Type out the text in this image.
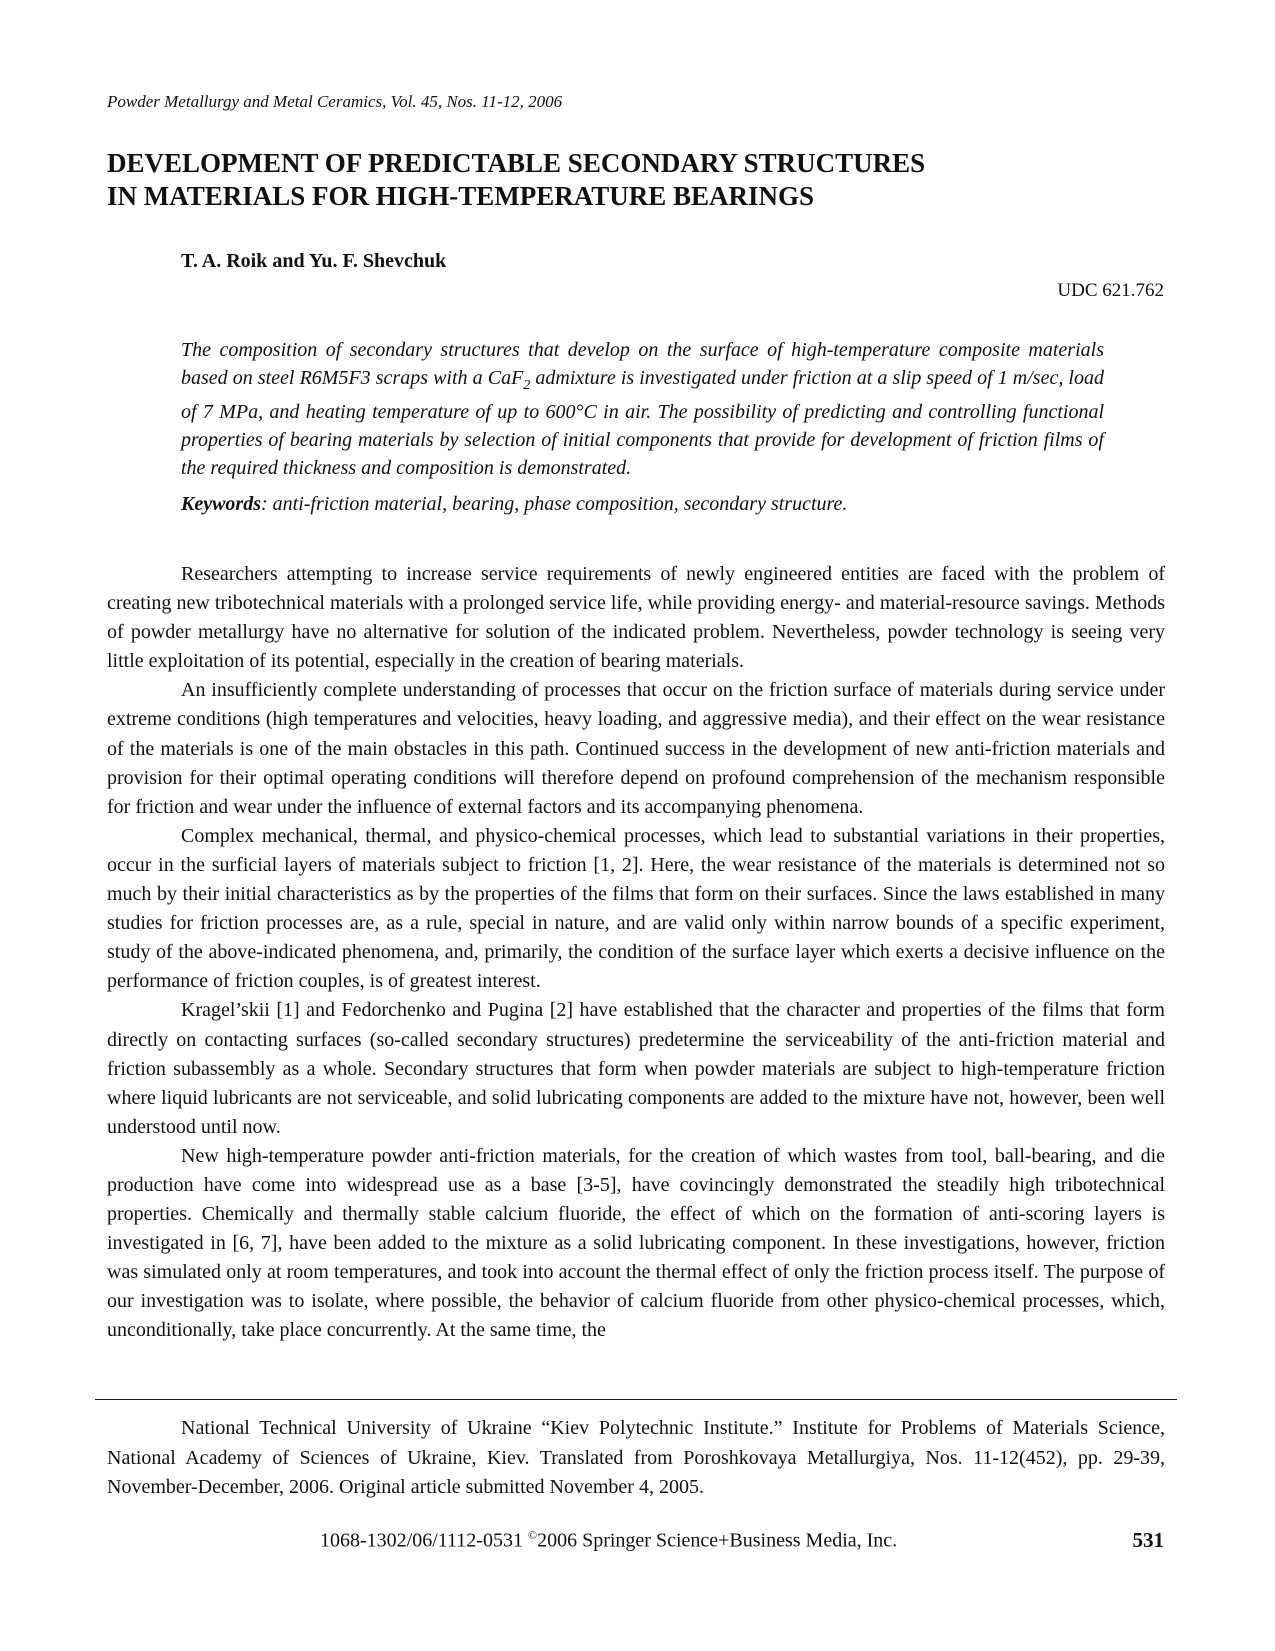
Powder Metallurgy and Metal Ceramics, Vol. 45, Nos. 11-12, 2006
DEVELOPMENT OF PREDICTABLE SECONDARY STRUCTURES
IN MATERIALS FOR HIGH-TEMPERATURE BEARINGS
T. A. Roik and Yu. F. Shevchuk
UDC 621.762

The composition of secondary structures that develop on the surface of high-temperature composite materials based on steel R6M5F3 scraps with a CaF$_2$ admixture is investigated under friction at a slip speed of 1 m/sec, load of 7 MPa, and heating temperature of up to 600°C in air. The possibility of predicting and controlling functional properties of bearing materials by selection of initial components that provide for development of friction films of the required thickness and composition is demonstrated.

Keywords: anti-friction material, bearing, phase composition, secondary structure.

Researchers attempting to increase service requirements of newly engineered entities are faced with the problem of creating new tribotechnical materials with a prolonged service life, while providing energy- and material-resource savings. Methods of powder metallurgy have no alternative for solution of the indicated problem. Nevertheless, powder technology is seeing very little exploitation of its potential, especially in the creation of bearing materials.

An insufficiently complete understanding of processes that occur on the friction surface of materials during service under extreme conditions (high temperatures and velocities, heavy loading, and aggressive media), and their effect on the wear resistance of the materials is one of the main obstacles in this path. Continued success in the development of new anti-friction materials and provision for their optimal operating conditions will therefore depend on profound comprehension of the mechanism responsible for friction and wear under the influence of external factors and its accompanying phenomena.

Complex mechanical, thermal, and physico-chemical processes, which lead to substantial variations in their properties, occur in the surficial layers of materials subject to friction [1, 2]. Here, the wear resistance of the materials is determined not so much by their initial characteristics as by the properties of the films that form on their surfaces. Since the laws established in many studies for friction processes are, as a rule, special in nature, and are valid only within narrow bounds of a specific experiment, study of the above-indicated phenomena, and, primarily, the condition of the surface layer which exerts a decisive influence on the performance of friction couples, is of greatest interest.

Kragel’skii [1] and Fedorchenko and Pugina [2] have established that the character and properties of the films that form directly on contacting surfaces (so-called secondary structures) predetermine the serviceability of the anti-friction material and friction subassembly as a whole. Secondary structures that form when powder materials are subject to high-temperature friction where liquid lubricants are not serviceable, and solid lubricating components are added to the mixture have not, however, been well understood until now.

New high-temperature powder anti-friction materials, for the creation of which wastes from tool, ball-bearing, and die production have come into widespread use as a base [3-5], have covincingly demonstrated the steadily high tribotechnical properties. Chemically and thermally stable calcium fluoride, the effect of which on the formation of anti-scoring layers is investigated in [6, 7], have been added to the mixture as a solid lubricating component. In these investigations, however, friction was simulated only at room temperatures, and took into account the thermal effect of only the friction process itself. The purpose of our investigation was to isolate, where possible, the behavior of calcium fluoride from other physico-chemical processes, which, unconditionally, take place concurrently. At the same time, the

National Technical University of Ukraine “Kiev Polytechnic Institute.” Institute for Problems of Materials Science, National Academy of Sciences of Ukraine, Kiev. Translated from Poroshkovaya Metallurgiya, Nos. 11-12(452), pp. 29-39, November-December, 2006. Original article submitted November 4, 2005.

1068-1302/06/1112-0531 ©2006 Springer Science+Business Media, Inc.	531
